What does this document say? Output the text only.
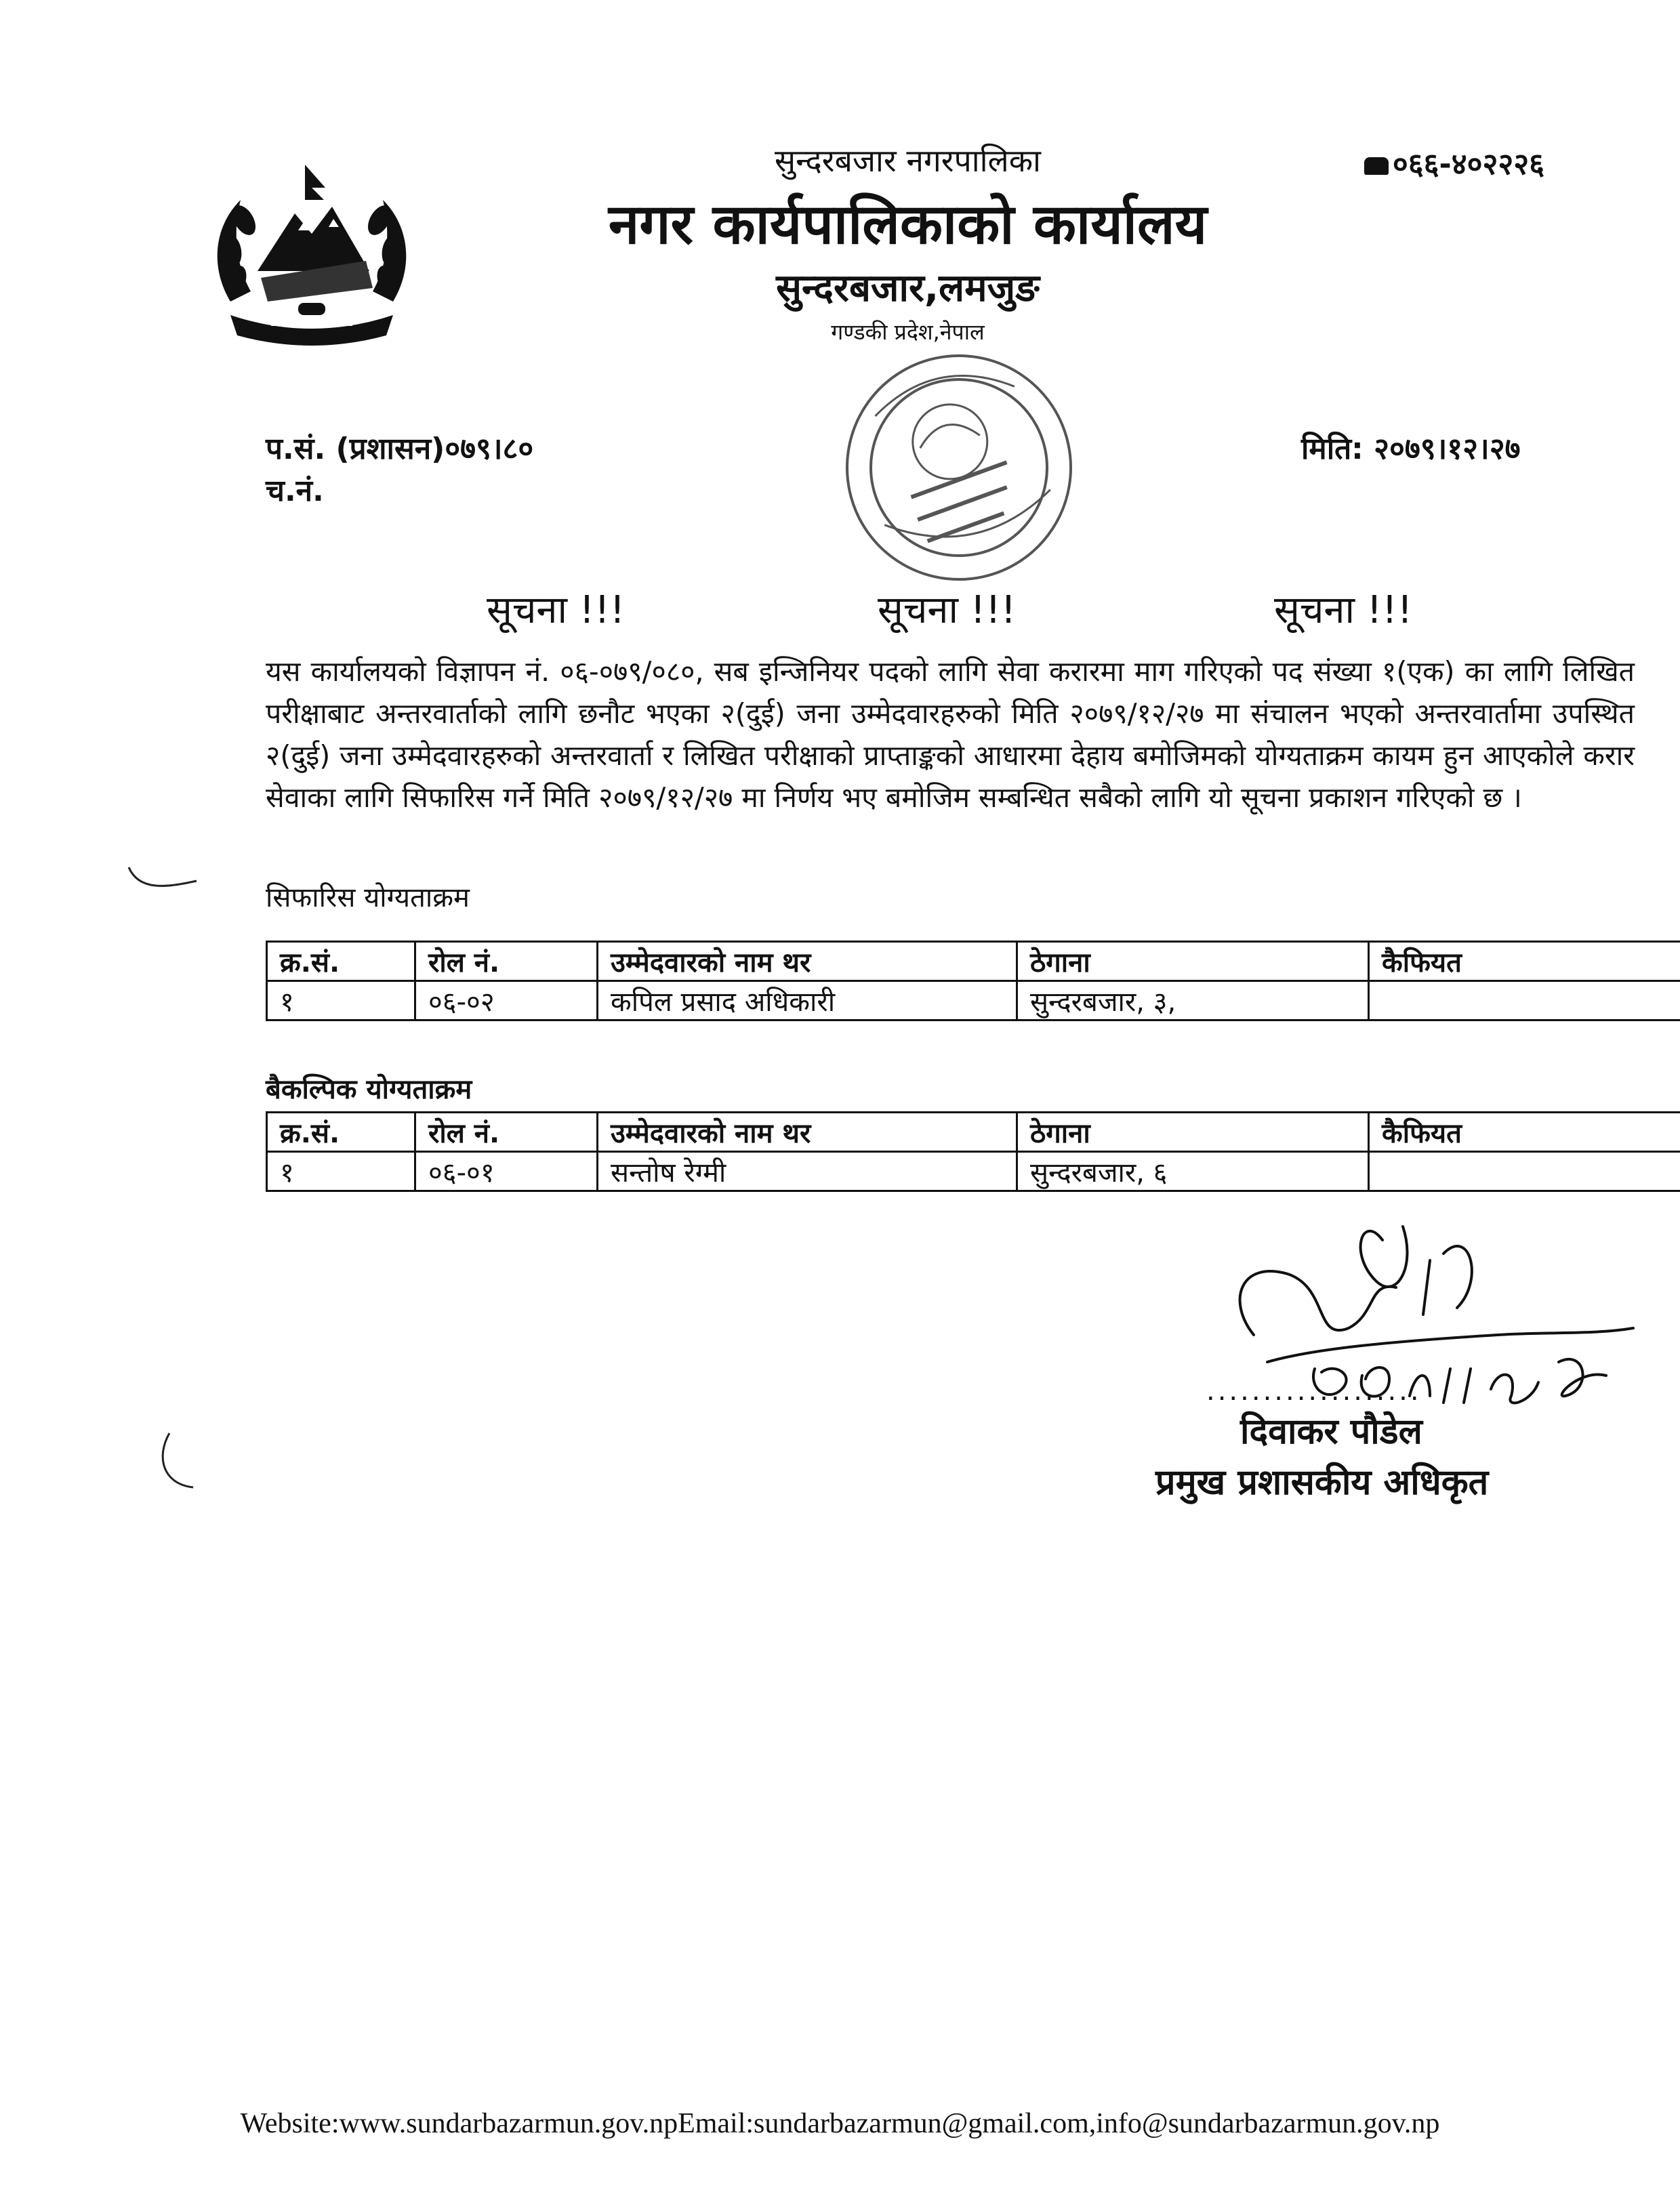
सुन्दरबजार नगरपालिका
नगर कार्यपालिकाको कार्यालय
सुन्दरबजार,लमजुङ
गण्डकी प्रदेश,नेपाल
०६६-४०२२२६
प.सं. (प्रशासन)०७९।८०
च.नं.
मिति: २०७९।१२।२७
सूचना !!!	सूचना !!!	सूचना !!!
यस कार्यालयको विज्ञापन नं. ०६-०७९/०८०, सब इन्जिनियर पदको लागि सेवा करारमा माग गरिएको पद संख्या १(एक) का लागि लिखित परीक्षाबाट अन्तरवार्ताको लागि छनौट भएका २(दुई) जना उम्मेदवारहरुको मिति २०७९/१२/२७ मा संचालन भएको अन्तरवार्तामा उपस्थित २(दुई) जना उम्मेदवारहरुको अन्तरवार्ता र लिखित परीक्षाको प्राप्ताङ्कको आधारमा देहाय बमोजिमको योग्यताक्रम कायम हुन आएकोले करार सेवाका लागि सिफारिस गर्ने मिति २०७९/१२/२७ मा निर्णय भए बमोजिम सम्बन्धित सबैको लागि यो सूचना प्रकाशन गरिएको छ ।
सिफारिस योग्यताक्रम
क्र.सं.	रोल नं.	उम्मेदवारको नाम थर	ठेगाना	कैफियत
१	०६-०२	कपिल प्रसाद अधिकारी	सुन्दरबजार, ३,	
बैकल्पिक योग्यताक्रम
क्र.सं.	रोल नं.	उम्मेदवारको नाम थर	ठेगाना	कैफियत
१	०६-०१	सन्तोष रेग्मी	सुन्दरबजार, ६	
...................
दिवाकर पौडेल
प्रमुख प्रशासकीय अधिकृत
Website:www.sundarbazarmun.gov.npEmail:sundarbazarmun@gmail.com,info@sundarbazarmun.gov.np
